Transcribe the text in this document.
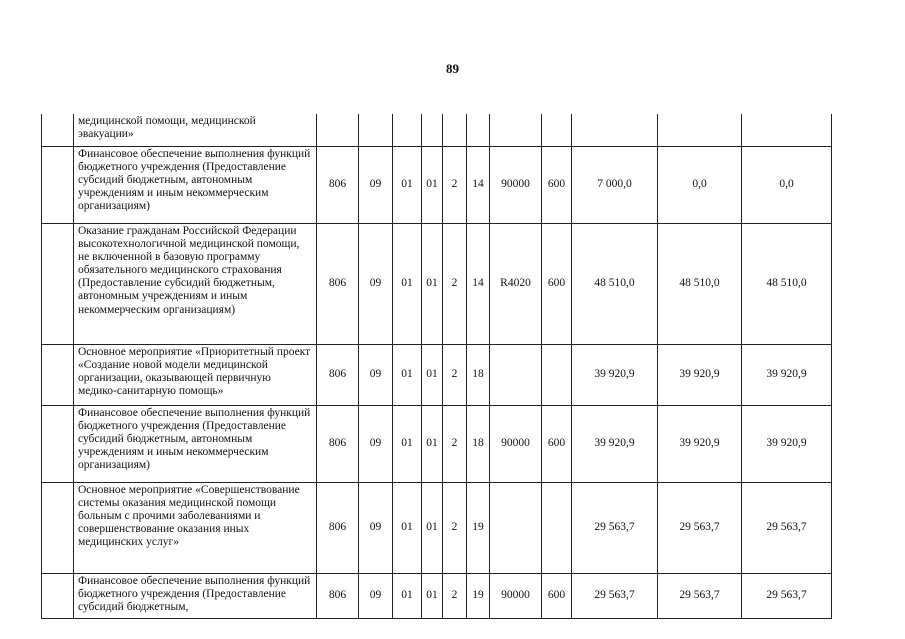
89
	медицинской помощи, медицинской эвакуации»											
	Финансовое обеспечение выполнения функций бюджетного учреждения (Предоставление субсидий бюджетным, автономным учреждениям и иным некоммерческим организациям)	806	09	01	01	2	14	90000	600	7 000,0	0,0	0,0
	Оказание гражданам Российской Федерации высокотехнологичной медицинской помощи, не включенной в базовую программу обязательного медицинского страхования (Предоставление субсидий бюджетным, автономным учреждениям и иным некоммерческим организациям)	806	09	01	01	2	14	R4020	600	48 510,0	48 510,0	48 510,0
	Основное мероприятие «Приоритетный проект «Создание новой модели медицинской организации, оказывающей первичную медико-санитарную помощь»	806	09	01	01	2	18			39 920,9	39 920,9	39 920,9
	Финансовое обеспечение выполнения функций бюджетного учреждения (Предоставление субсидий бюджетным, автономным учреждениям и иным некоммерческим организациям)	806	09	01	01	2	18	90000	600	39 920,9	39 920,9	39 920,9
	Основное мероприятие «Совершенствование системы оказания медицинской помощи больным с прочими заболеваниями и совершенствование оказания иных медицинских услуг»	806	09	01	01	2	19			29 563,7	29 563,7	29 563,7
	Финансовое обеспечение выполнения функций бюджетного учреждения (Предоставление субсидий бюджетным,	806	09	01	01	2	19	90000	600	29 563,7	29 563,7	29 563,7
